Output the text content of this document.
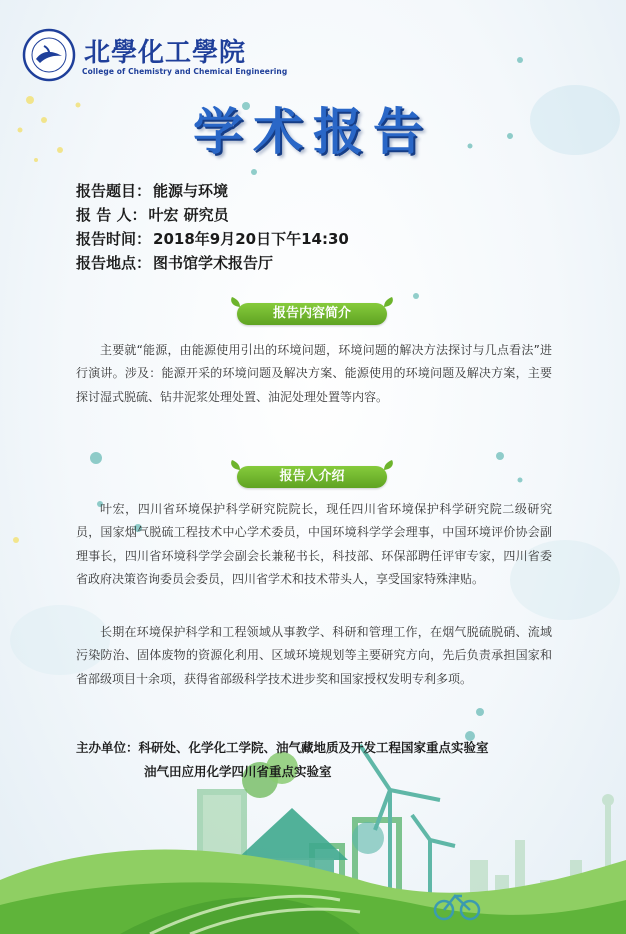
北學化工學院
College of Chemistry and Chemical Engineering
学术报告
报告题目： 能源与环境
报 告 人： 叶宏 研究员
报告时间： 2018年9月20日下午14:30
报告地点： 图书馆学术报告厅
报告内容简介
主要就“能源，由能源使用引出的环境问题，环境问题的解决方法探讨与几点看法”进行演讲。涉及：能源开采的环境问题及解决方案、能源使用的环境问题及解决方案，主要探讨湿式脱硫、钻井泥浆处理处置、油泥处理处置等内容。
报告人介绍
叶宏，四川省环境保护科学研究院院长，现任四川省环境保护科学研究院二级研究员，国家烟气脱硫工程技术中心学术委员，中国环境科学学会理事，中国环境评价协会副理事长，四川省环境科学学会副会长兼秘书长，科技部、环保部聘任评审专家，四川省委省政府决策咨询委员会委员，四川省学术和技术带头人，享受国家特殊津贴。
长期在环境保护科学和工程领域从事教学、科研和管理工作，在烟气脱硫脱硝、流域污染防治、固体废物的资源化利用、区域环境规划等主要研究方向，先后负责承担国家和省部级项目十余项，获得省部级科学技术进步奖和国家授权发明专利多项。
主办单位：科研处、化学化工学院、油气藏地质及开发工程国家重点实验室
油气田应用化学四川省重点实验室
